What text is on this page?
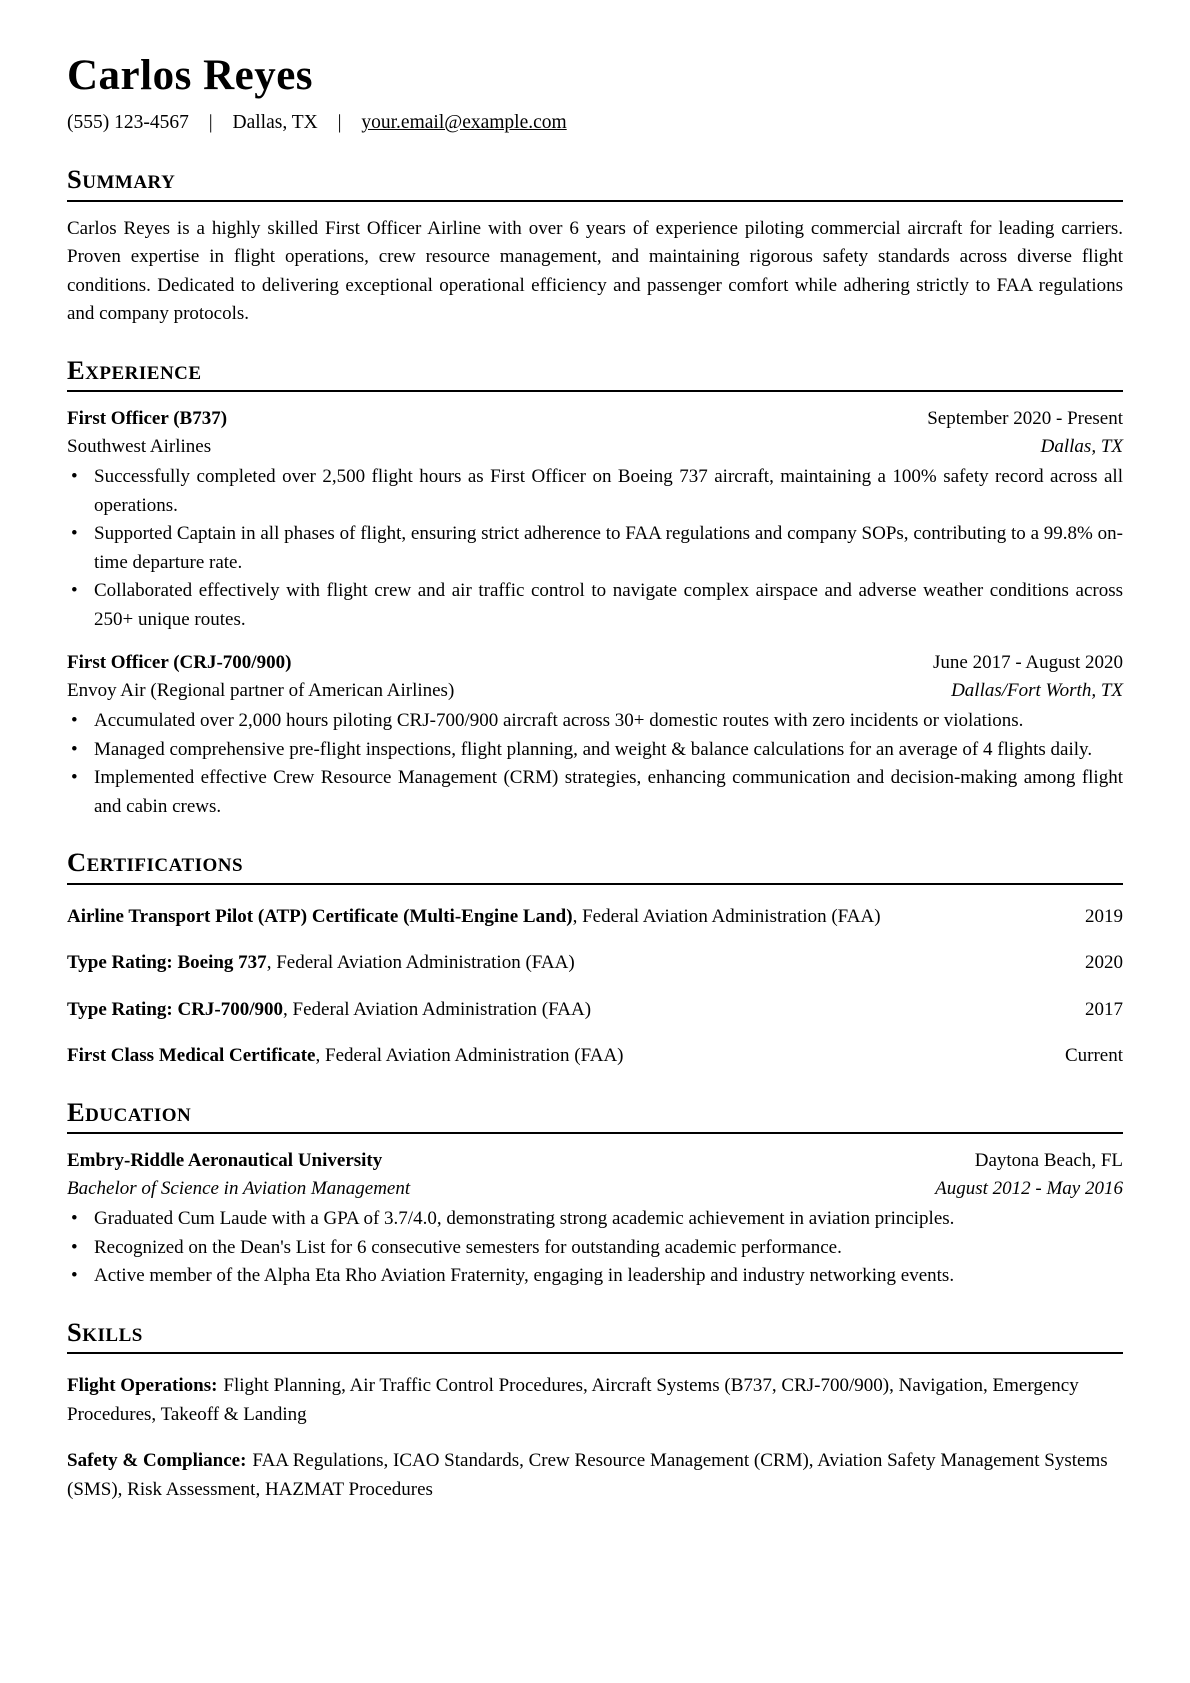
Carlos Reyes
(555) 123-4567 | Dallas, TX | your.email@example.com
Summary

Carlos Reyes is a highly skilled First Officer Airline with over 6 years of experience piloting commercial aircraft for leading carriers. Proven expertise in flight operations, crew resource management, and maintaining rigorous safety standards across diverse flight conditions. Dedicated to delivering exceptional operational efficiency and passenger comfort while adhering strictly to FAA regulations and company protocols.

Experience
First Officer (B737)	September 2020 - Present
Southwest Airlines	Dallas, TX
• Successfully completed over 2,500 flight hours as First Officer on Boeing 737 aircraft, maintaining a 100% safety record across all operations.
• Supported Captain in all phases of flight, ensuring strict adherence to FAA regulations and company SOPs, contributing to a 99.8% on-time departure rate.
• Collaborated effectively with flight crew and air traffic control to navigate complex airspace and adverse weather conditions across 250+ unique routes.
First Officer (CRJ-700/900)	June 2017 - August 2020
Envoy Air (Regional partner of American Airlines)	Dallas/Fort Worth, TX
• Accumulated over 2,000 hours piloting CRJ-700/900 aircraft across 30+ domestic routes with zero incidents or violations.
• Managed comprehensive pre-flight inspections, flight planning, and weight & balance calculations for an average of 4 flights daily.
• Implemented effective Crew Resource Management (CRM) strategies, enhancing communication and decision-making among flight and cabin crews.
Certifications
Airline Transport Pilot (ATP) Certificate (Multi-Engine Land), Federal Aviation Administration (FAA)	2019
Type Rating: Boeing 737, Federal Aviation Administration (FAA)	2020
Type Rating: CRJ-700/900, Federal Aviation Administration (FAA)	2017
First Class Medical Certificate, Federal Aviation Administration (FAA)	Current
Education
Embry-Riddle Aeronautical University	Daytona Beach, FL
Bachelor of Science in Aviation Management	August 2012 - May 2016
• Graduated Cum Laude with a GPA of 3.7/4.0, demonstrating strong academic achievement in aviation principles.
• Recognized on the Dean's List for 6 consecutive semesters for outstanding academic performance.
• Active member of the Alpha Eta Rho Aviation Fraternity, engaging in leadership and industry networking events.
Skills

Flight Operations: Flight Planning, Air Traffic Control Procedures, Aircraft Systems (B737, CRJ-700/900), Navigation, Emergency Procedures, Takeoff & Landing

Safety & Compliance: FAA Regulations, ICAO Standards, Crew Resource Management (CRM), Aviation Safety Management Systems (SMS), Risk Assessment, HAZMAT Procedures
